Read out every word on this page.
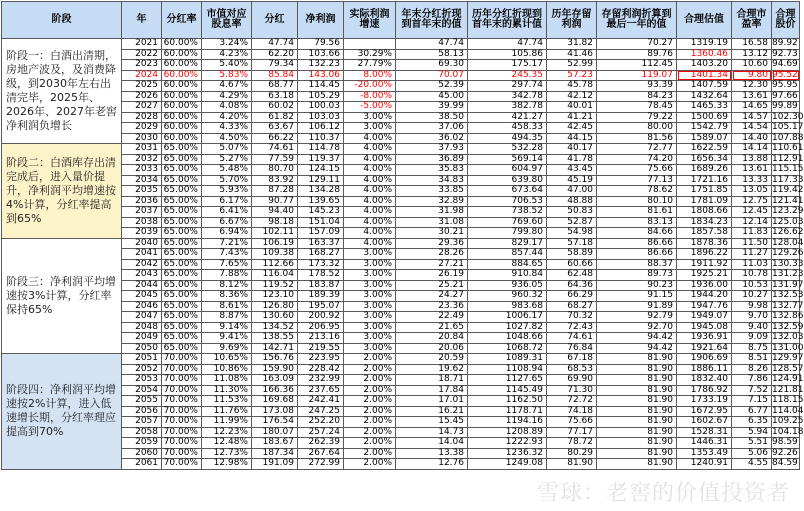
阶段	年	分红率	市值对应股息率	分红	净利润	实际利润增速	年末分红折现到首年末的值	历年分红折现到首年末的累计值	历年存留利润	存留利润折算到最后一年的值	合理估值	合理市盈率	合理股价
阶段一：白酒出清期，房地产波及，及消费降级，到2030年左右出清完毕，2025年、2026年、2027年老窖净利润负增长	2021	60.00%	3.24%	47.74	79.56		47.74	47.74	31.82	70.27	1319.19	16.58	89.92
	2022	60.00%	4.23%	62.20	103.66	30.29%	58.13	105.86	41.46	89.76	1360.46	13.12	92.73
	2023	60.00%	5.40%	79.34	132.23	27.79%	69.30	175.17	52.99	112.45	1403.20	10.60	94.69
	2024	60.00%	5.83%	85.84	143.06	8.00%	70.07	245.35	57.23	119.07	1401.34	9.80	95.52
	2025	60.00%	4.67%	68.77	114.45	-20.00%	52.39	297.74	45.78	93.39	1407.59	12.30	95.95
	2026	60.00%	4.29%	63.18	105.29	-8.00%	45.00	342.78	42.12	84.23	1432.64	13.61	97.66
	2027	60.00%	4.08%	60.02	100.03	-5.00%	39.99	382.78	40.01	78.45	1465.33	14.65	99.89
	2028	60.00%	4.20%	61.82	103.03	3.00%	38.50	421.27	41.21	79.22	1500.69	14.57	102.30
	2029	60.00%	4.33%	63.67	106.12	3.00%	37.06	458.33	42.45	80.00	1542.79	14.54	105.17
	2030	60.00%	4.50%	66.22	110.37	4.00%	36.02	494.35	44.15	81.56	1589.07	14.40	107.88
阶段二：白酒库存出清完成后，进入量价提升，净利润平均增速按4%计算，分红率提高到65%	2031	65.00%	5.07%	74.61	114.78	4.00%	37.93	532.28	40.17	72.77	1622.59	14.14	110.61
	2032	65.00%	5.27%	77.59	119.37	4.00%	36.89	569.14	41.78	74.20	1656.34	13.88	112.91
	2033	65.00%	5.48%	80.70	124.15	4.00%	35.83	604.97	43.45	75.66	1689.26	13.61	115.15
	2034	65.00%	5.70%	83.92	129.11	4.00%	34.83	639.80	45.19	77.13	1721.16	13.33	117.33
	2035	65.00%	5.93%	87.28	134.28	4.00%	33.85	673.64	47.00	78.62	1751.85	13.05	119.42
	2036	65.00%	6.17%	90.77	139.65	4.00%	32.89	706.53	48.88	80.10	1781.09	12.75	121.41
	2037	65.00%	6.41%	94.40	145.23	4.00%	31.98	738.52	50.83	81.61	1808.66	12.45	123.29
	2038	65.00%	6.67%	98.18	151.04	4.00%	31.08	769.60	52.87	83.13	1834.23	12.14	125.03
	2039	65.00%	6.94%	102.11	157.09	4.00%	30.21	799.80	54.98	84.66	1857.58	11.83	126.62
阶段三：净利润平均增速按3%计算，分红率保持65%	2040	65.00%	7.21%	106.19	163.37	4.00%	29.36	829.17	57.18	86.66	1878.36	11.50	128.04
	2041	65.00%	7.43%	109.38	168.27	3.00%	28.26	857.44	58.89	86.66	1896.22	11.27	129.26
	2042	65.00%	7.65%	112.66	173.32	3.00%	27.21	884.65	60.66	88.37	1911.92	11.03	130.33
	2043	65.00%	7.88%	116.04	178.52	3.00%	26.19	910.84	62.48	89.73	1925.21	10.78	131.23
	2044	65.00%	8.12%	119.52	183.87	3.00%	25.21	936.05	64.36	90.23	1936.00	10.53	131.97
	2045	65.00%	8.36%	123.10	189.39	3.00%	24.27	960.32	66.29	91.15	1944.20	10.27	132.53
	2046	65.00%	8.61%	126.80	195.07	3.00%	23.36	983.68	68.27	91.89	1947.76	9.98	132.77
	2047	65.00%	8.87%	130.60	200.92	3.00%	22.49	1006.17	70.32	92.79	1949.07	9.70	132.86
	2048	65.00%	9.14%	134.52	206.95	3.00%	21.65	1027.82	72.43	92.70	1945.08	9.40	132.59
	2049	65.00%	9.41%	138.55	213.16	3.00%	20.84	1048.66	74.61	94.42	1936.91	9.09	132.03
	2050	65.00%	9.69%	142.71	219.55	3.00%	20.06	1068.72	76.84	94.42	1921.64	8.75	131.00
阶段四：净利润平均增速按2%计算，进入低速增长期，分红率理应提高到70%	2051	70.00%	10.65%	156.76	223.95	2.00%	20.59	1089.31	67.18	81.90	1906.69	8.51	129.97
	2052	70.00%	10.86%	159.90	228.42	2.00%	19.62	1108.94	68.53	81.90	1886.11	8.26	128.57
	2053	70.00%	11.08%	163.09	232.99	2.00%	18.71	1127.65	69.90	81.90	1832.40	7.86	124.91
	2054	70.00%	11.30%	166.36	237.65	2.00%	17.84	1145.49	71.30	81.90	1786.92	7.52	121.81
	2055	70.00%	11.53%	169.68	242.41	2.00%	17.01	1162.50	72.72	81.90	1733.19	7.15	118.15
	2056	70.00%	11.76%	173.08	247.25	2.00%	16.21	1178.71	74.18	81.90	1672.95	6.77	114.04
	2057	70.00%	11.99%	176.54	252.20	2.00%	15.45	1194.16	75.66	81.90	1602.67	6.35	109.25
	2058	70.00%	12.23%	180.07	257.24	2.00%	14.73	1208.89	77.17	81.90	1528.31	5.94	104.18
	2059	70.00%	12.48%	183.67	262.39	2.00%	14.04	1222.93	78.72	81.90	1446.31	5.51	98.59
	2060	70.00%	12.73%	187.34	267.64	2.00%	13.38	1236.32	80.29	81.90	1353.49	5.06	92.26
	2061	70.00%	12.98%	191.09	272.99	2.00%	12.76	1249.08	81.90	81.90	1240.91	4.55	84.59
雪球：老窖的价值投资者
